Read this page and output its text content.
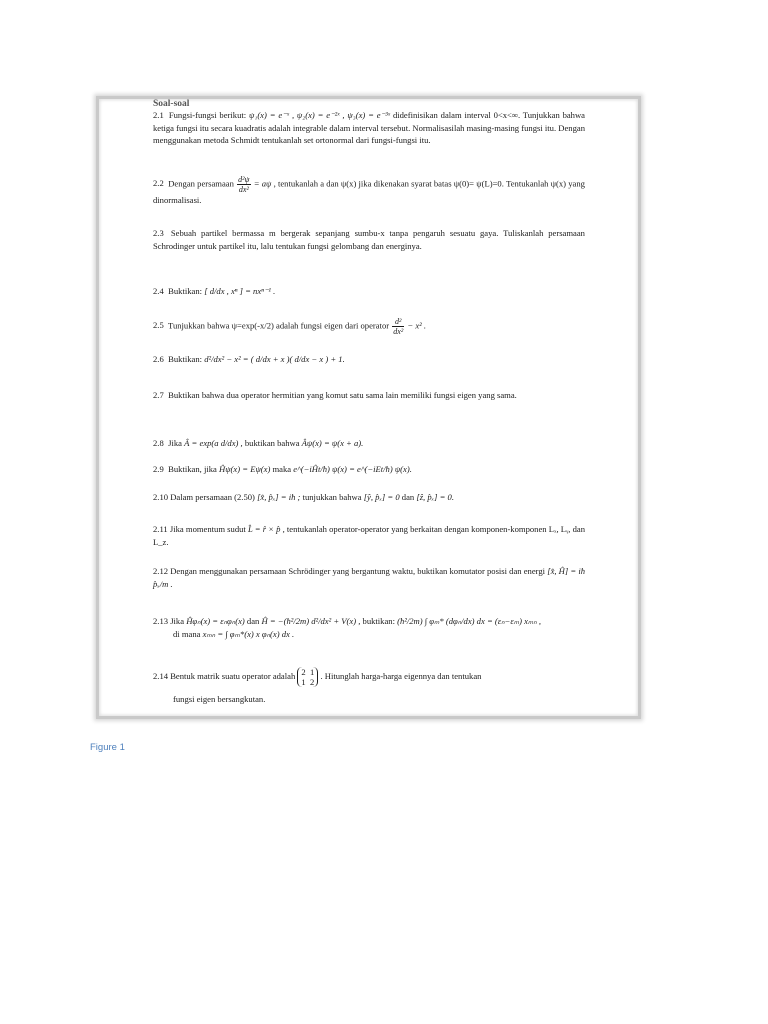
Soal-soal
2.1 Fungsi-fungsi berikut: ψ₁(x) = e⁻ˣ , ψ₂(x) = e⁻²ˣ , ψ₃(x) = e⁻³ˣ didefinisikan dalam interval 0<x<∞. Tunjukkan bahwa ketiga fungsi itu secara kuadratis adalah integrable dalam interval tersebut. Normalisasilah masing-masing fungsi itu. Dengan menggunakan metoda Schmidt tentukanlah set ortonormal dari fungsi-fungsi itu.
2.2 Dengan persamaan $\frac{\text{d²ψ}}{\text{dx²}} = a\psi$ , tentukanlah a dan ψ(x) jika dikenakan syarat batas ψ(0)= ψ(L)=0. Tentukanlah ψ(x) yang dinormalisasi.
2.3 Sebuah partikel bermassa m bergerak sepanjang sumbu-x tanpa pengaruh sesuatu gaya. Tuliskanlah persamaan Schrodinger untuk partikel itu, lalu tentukan fungsi gelombang dan energinya.
2.4 Buktikan: [ d/dx , xⁿ ] = nxⁿ⁻¹ .
2.5 Tunjukkan bahwa ψ=exp(-x/2) adalah fungsi eigen dari operator $\frac{\text{d²}}{\text{dx²}} - x^2$ .
2.6 Buktikan: d²/dx² − x² = ( d/dx + x )( d/dx − x ) + 1.
2.7 Buktikan bahwa dua operator hermitian yang komut satu sama lain memiliki fungsi eigen yang sama.
2.8 Jika Â = exp(a d/dx) , buktikan bahwa Âψ(x) = ψ(x + a).
2.9 Buktikan, jika Ĥψ(x) = Eψ(x) maka e^(−iĤt/ħ) ψ(x) = e^(−iEt/ħ) ψ(x).
2.10 Dalam persamaan (2.50) [x̂, p̂ₓ] = iħ ; tunjukkan bahwa [ŷ, p̂ₓ] = 0 dan [ẑ, p̂ₓ] = 0.
2.11 Jika momentum sudut L̂ = r̂ × p̂ , tentukanlah operator-operator yang berkaitan dengan komponen-komponen Lₓ, Lᵧ, dan L_z.
2.12 Dengan menggunakan persamaan Schrödinger yang bergantung waktu, buktikan komutator posisi dan energi [x̂, Ĥ] = iħ p̂ₓ/m .
2.13 Jika Ĥφₙ(x) = εₙφₙ(x) dan Ĥ = −(ħ²/2m) d²/dx² + V(x) , buktikan: (ħ²/2m) ∫ φₘ* (dφₙ/dx) dx = (εₙ−εₘ) xₘₙ ,
di mana xₘₙ = ∫ φₘ*(x) x φₙ(x) dx .
2.14 Bentuk matrik suatu operator adalah 2 1
1 2 . Hitunglah harga-harga eigennya dan tentukan
fungsi eigen bersangkutan.
Figure 1
